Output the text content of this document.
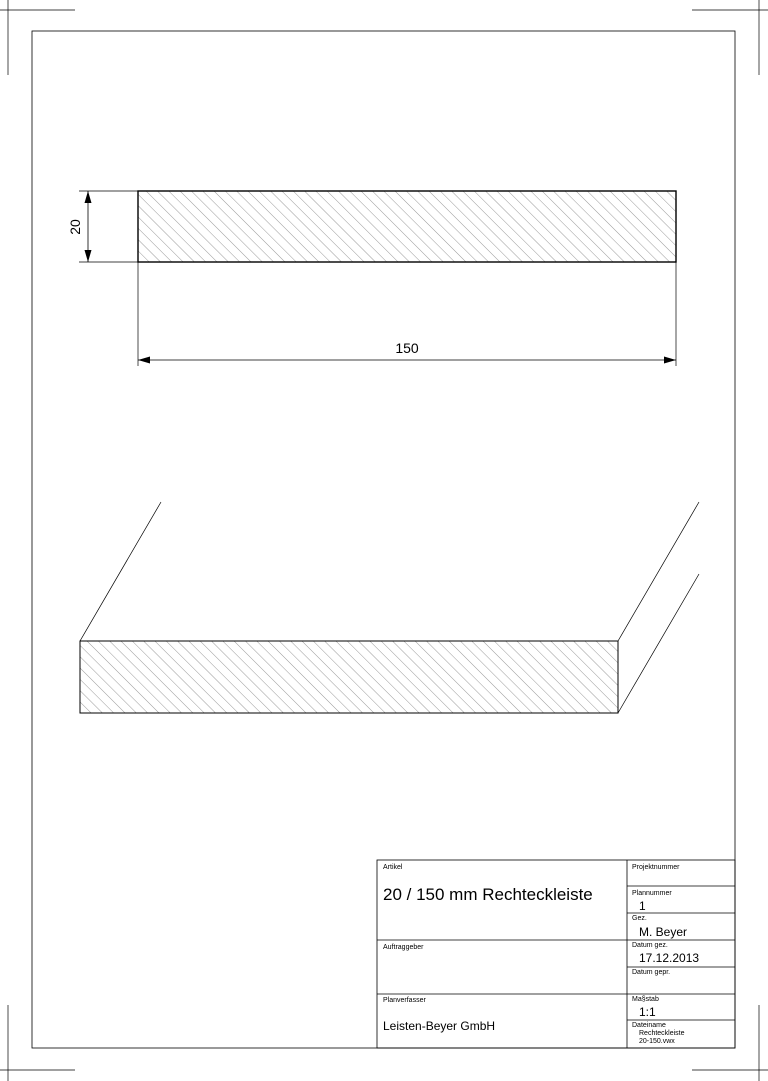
20
150
Artikel
20 / 150 mm Rechteckleiste
Auftraggeber
Planverfasser
Leisten-Beyer GmbH
Projektnummer
Plannummer
1
Gez.
M. Beyer
Datum gez.
17.12.2013
Datum gepr.
Ma§stab
1:1
Dateiname
Rechteckleiste
20-150.vwx
